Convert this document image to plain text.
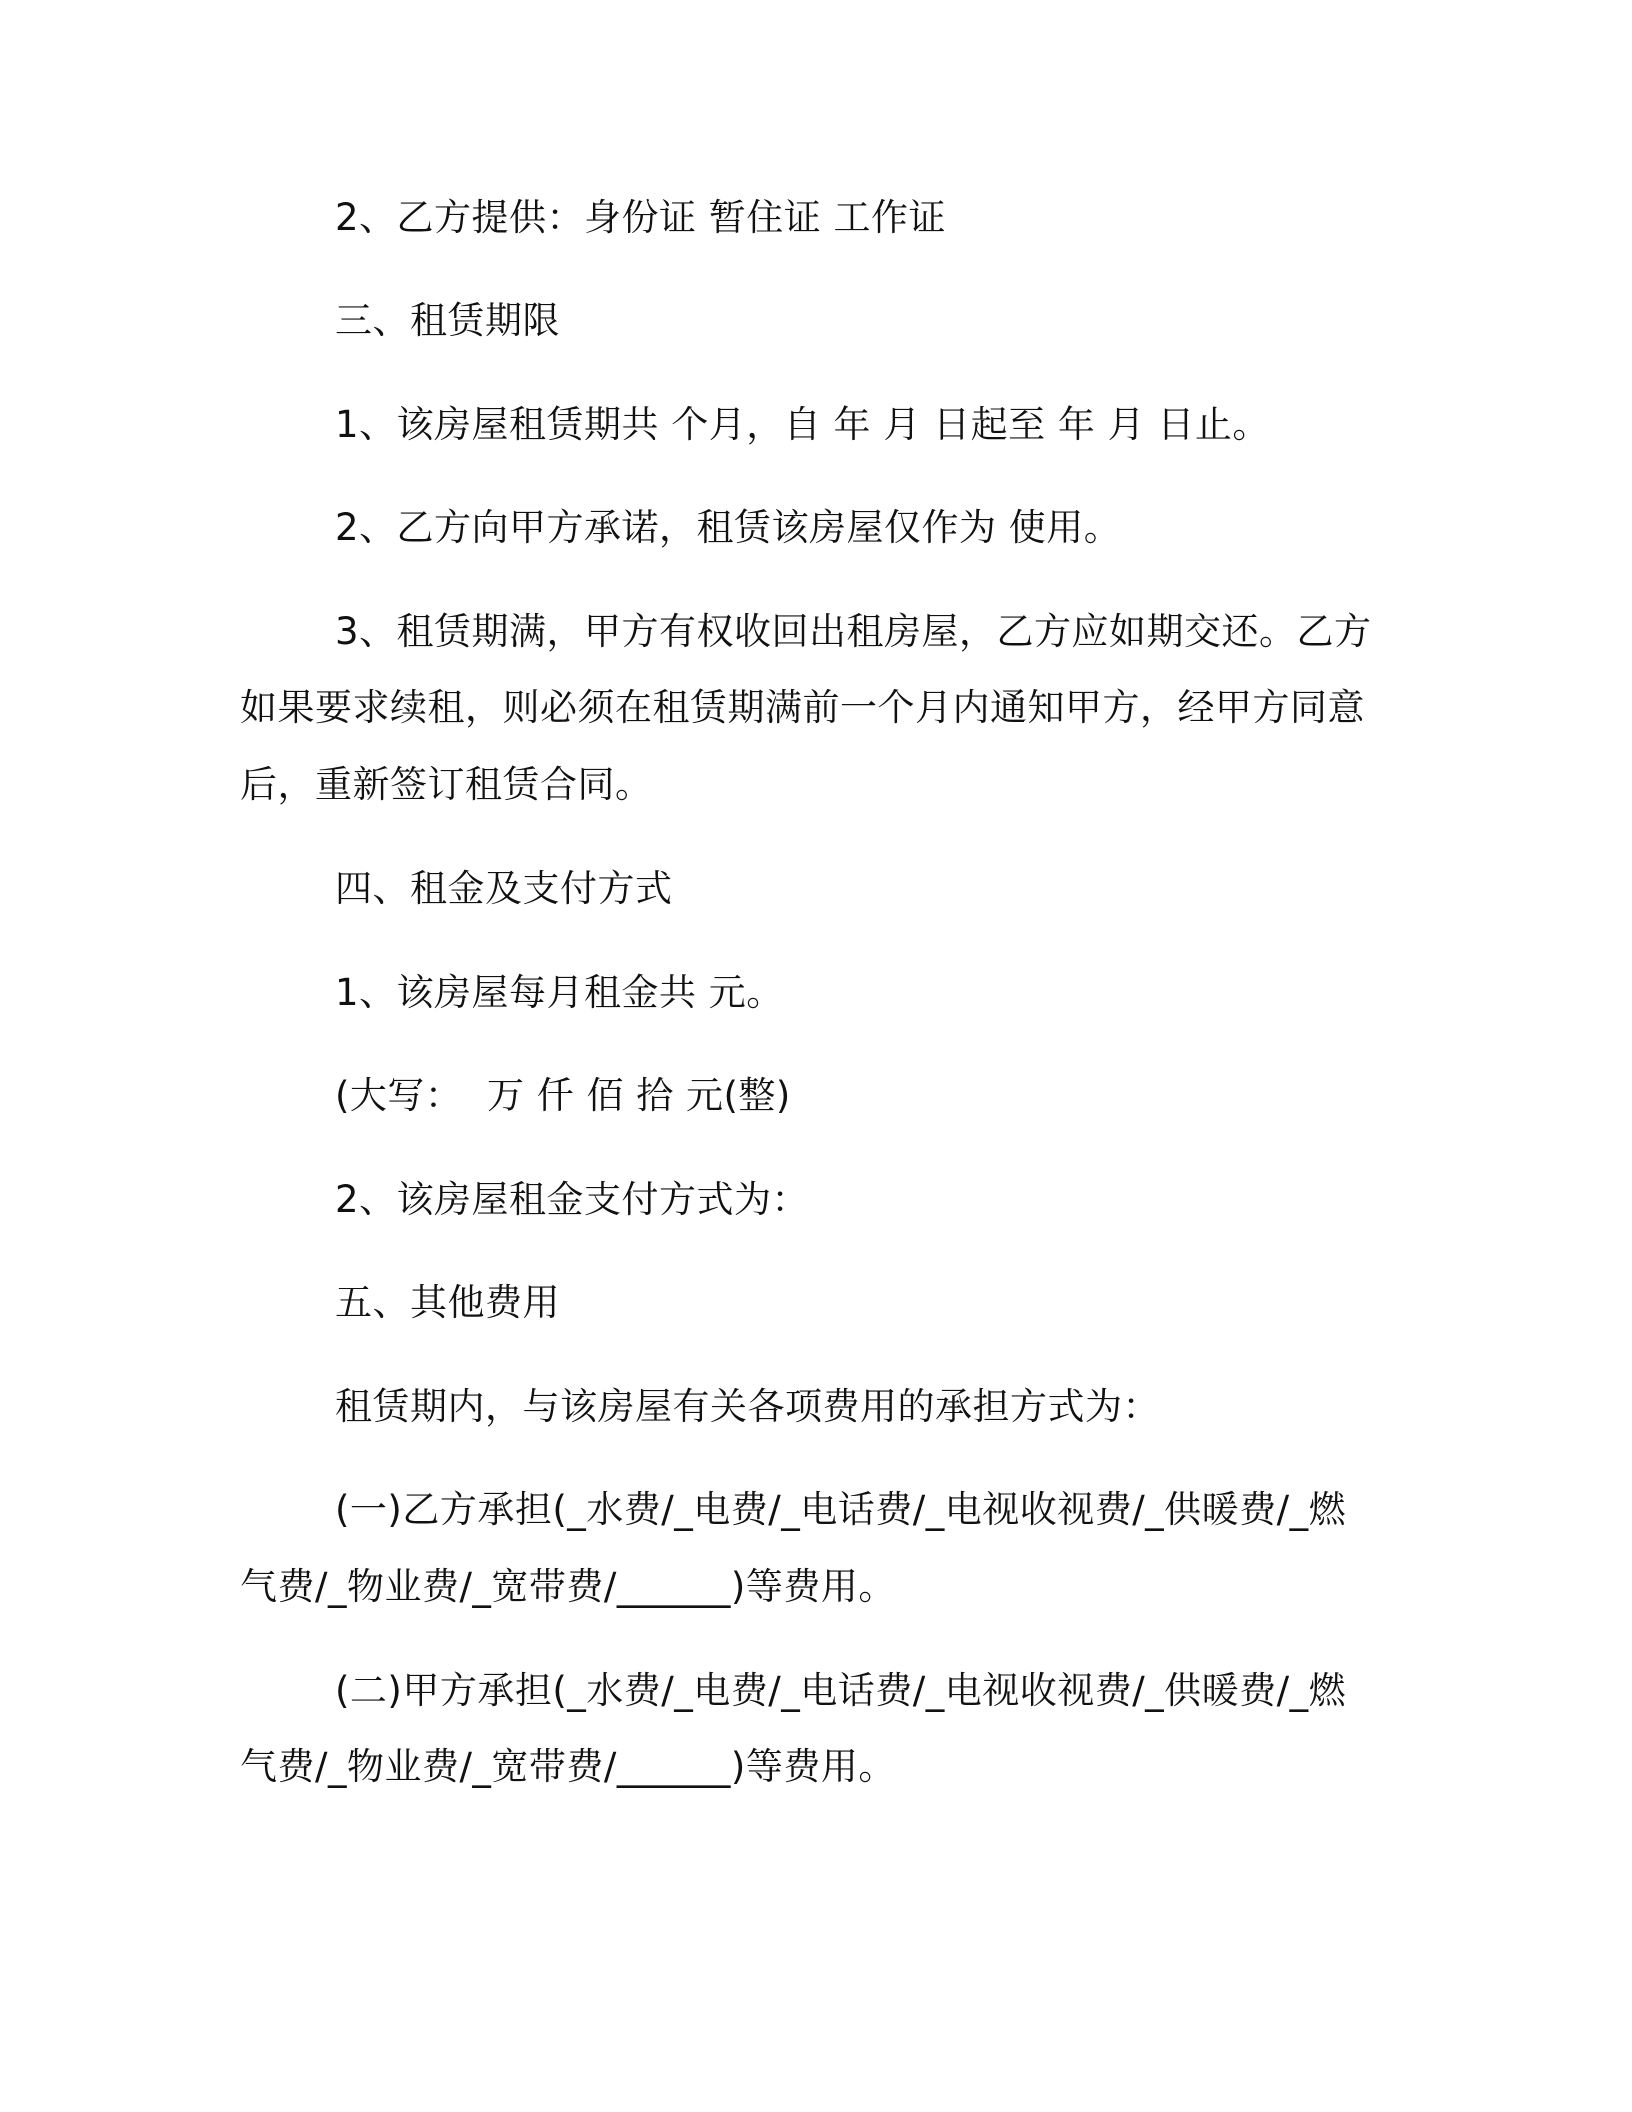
2、乙方提供：身份证 暂住证 工作证
三、租赁期限
1、该房屋租赁期共 个月，自 年 月 日起至 年 月 日止。
2、乙方向甲方承诺，租赁该房屋仅作为 使用。
3、租赁期满，甲方有权收回出租房屋，乙方应如期交还。乙方
如果要求续租，则必须在租赁期满前一个月内通知甲方，经甲方同意
后，重新签订租赁合同。
四、租金及支付方式
1、该房屋每月租金共 元。
(大写：  万 仟 佰 拾 元(整)
2、该房屋租金支付方式为：
五、其他费用
租赁期内，与该房屋有关各项费用的承担方式为：
(一)乙方承担(_水费/_电费/_电话费/_电视收视费/_供暖费/_燃
气费/_物业费/_宽带费/______)等费用。
(二)甲方承担(_水费/_电费/_电话费/_电视收视费/_供暖费/_燃
气费/_物业费/_宽带费/______)等费用。
